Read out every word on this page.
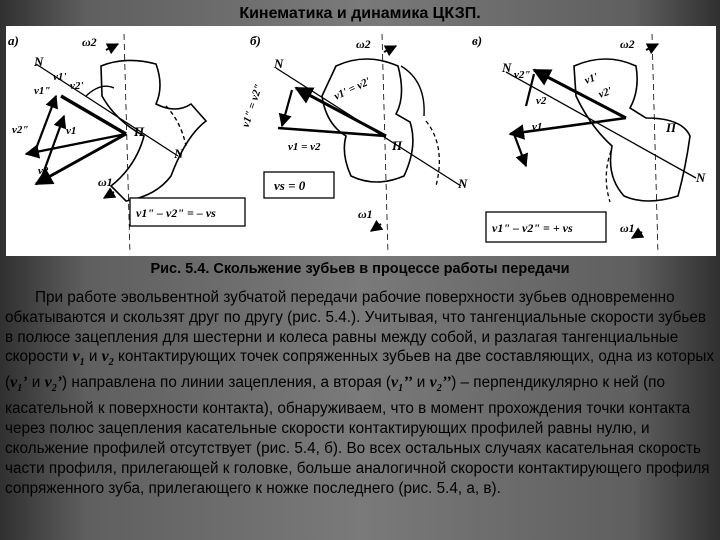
Кинематика и динамика ЦКЗП.
а)
N
N
П
ω2
ω1
v1'
v2'
v1"
v2"	v1
v2
v1" – v2" = – vs
б)
N
N
П
ω2
ω1
v1" = v2"	v1' = v2'
v1 = v2
vs = 0
в)
N
N
П
ω2
ω1
v2"
v2
v1
v1'
v2'
v1" – v2" = + vs
Рис. 5.4. Скольжение зубьев в процессе работы передачи
При работе эвольвентной зубчатой передачи рабочие поверхности зубьев одновременно обкатываются и скользят друг по другу (рис. 5.4.). Учитывая, что тангенциальные скорости зубьев в полюсе зацепления для шестерни и колеса равны между собой, и разлагая тангенциальные скорости $v_1$ и $v_2$ контактирующих точек сопряженных зубьев на две составляющих, одна из которых ($v_1$’ и $v_2$’) направлена по линии зацепления, а вторая ($v_1$’’ и $v_2$’’) – перпендикулярно к ней (по касательной к поверхности контакта), обнаруживаем, что в момент прохождения точки контакта через полюс зацепления касательные скорости контактирующих профилей равны нулю, и скольжение профилей отсутствует (рис. 5.4, б). Во всех остальных случаях касательная скорость части профиля, прилегающей к головке, больше аналогичной скорости контактирующего профиля сопряженного зуба, прилегающего к ножке последнего (рис. 5.4, а, в).
